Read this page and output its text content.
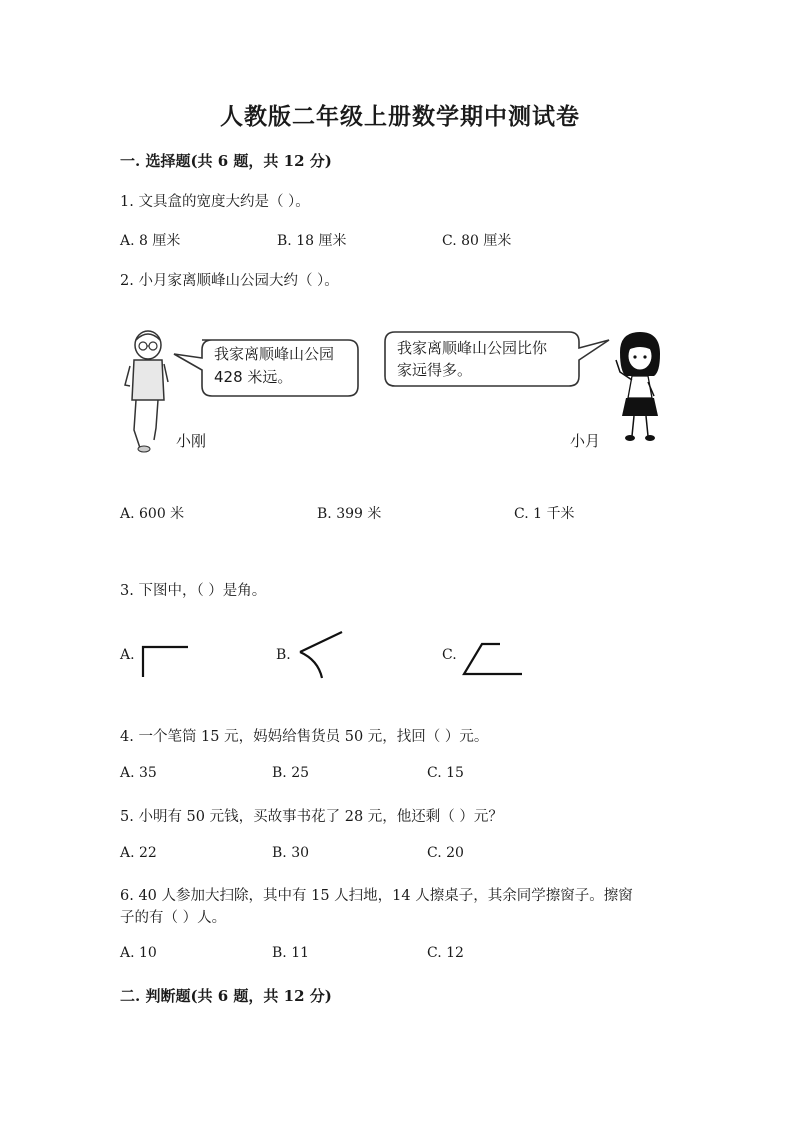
人教版二年级上册数学期中测试卷
一. 选择题(共 6 题，共 12 分)
1. 文具盒的宽度大约是（ ）。
A. 8 厘米	B. 18 厘米	C. 80 厘米
2. 小月家离顺峰山公园大约（ ）。
我家离顺峰山公园
428 米远。
小刚
我家离顺峰山公园比你
家远得多。
小月
A. 600 米	B. 399 米	C. 1 千米
3. 下图中，（ ）是角。
A.	B.	C.
4. 一个笔筒 15 元，妈妈给售货员 50 元，找回（ ）元。
A. 35	B. 25	C. 15
5. 小明有 50 元钱，买故事书花了 28 元，他还剩（ ）元？
A. 22	B. 30	C. 20
6. 40 人参加大扫除，其中有 15 人扫地，14 人擦桌子，其余同学擦窗子。擦窗
子的有（ ）人。
A. 10	B. 11	C. 12
二. 判断题(共 6 题，共 12 分)
